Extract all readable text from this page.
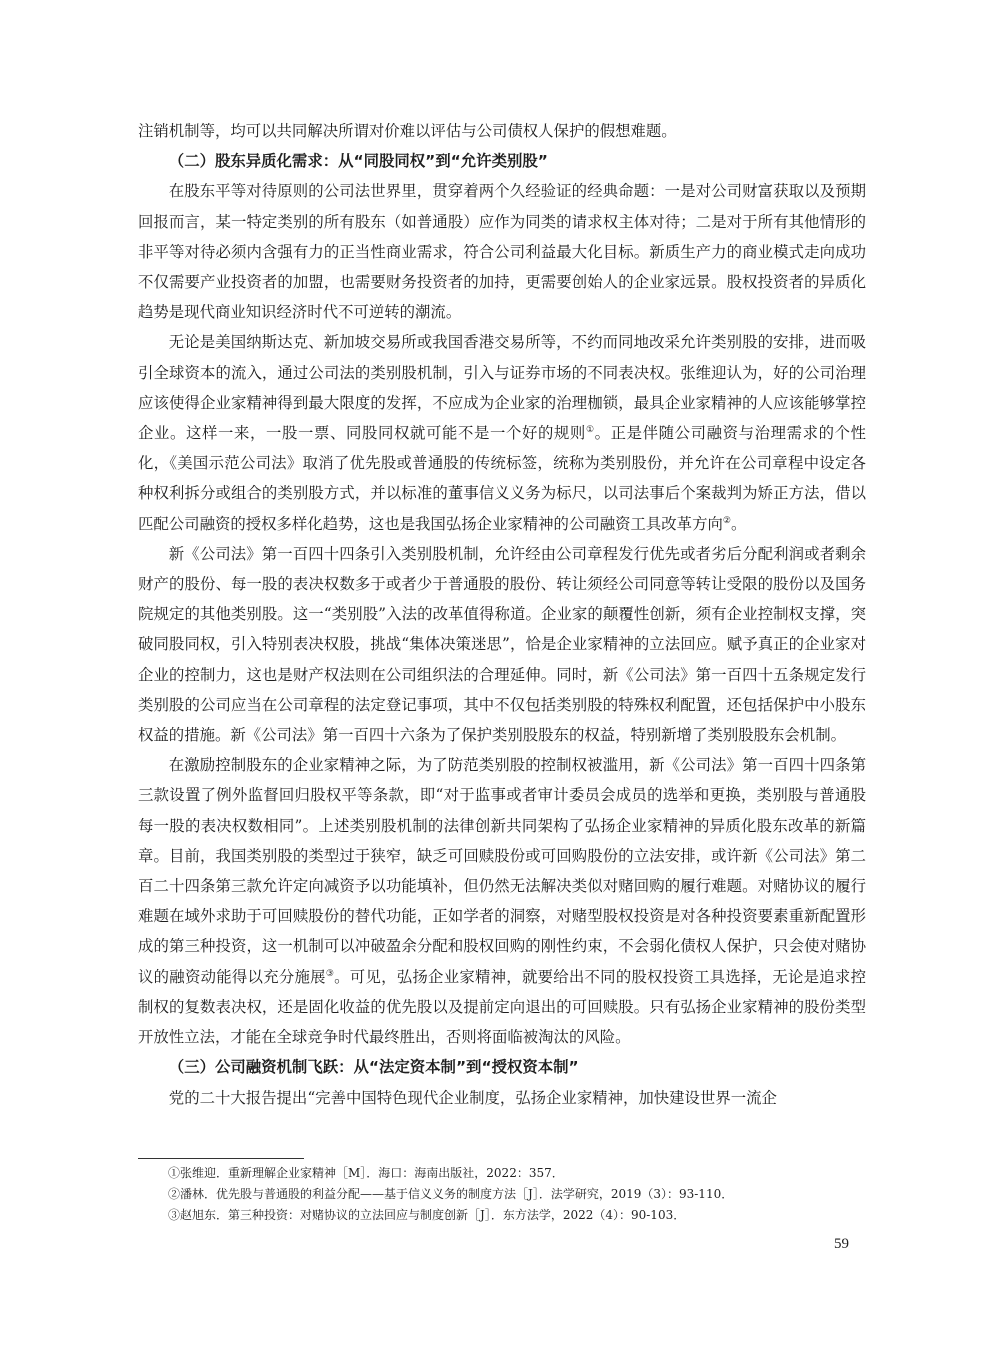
注销机制等，均可以共同解决所谓对价难以评估与公司债权人保护的假想难题。

（二）股东异质化需求：从“同股同权”到“允许类别股”

在股东平等对待原则的公司法世界里，贯穿着两个久经验证的经典命题：一是对公司财富获取以及预期回报而言，某一特定类别的所有股东（如普通股）应作为同类的请求权主体对待；二是对于所有其他情形的非平等对待必须内含强有力的正当性商业需求，符合公司利益最大化目标。新质生产力的商业模式走向成功不仅需要产业投资者的加盟，也需要财务投资者的加持，更需要创始人的企业家远景。股权投资者的异质化趋势是现代商业知识经济时代不可逆转的潮流。

无论是美国纳斯达克、新加坡交易所或我国香港交易所等，不约而同地改采允许类别股的安排，进而吸引全球资本的流入，通过公司法的类别股机制，引入与证券市场的不同表决权。张维迎认为，好的公司治理应该使得企业家精神得到最大限度的发挥，不应成为企业家的治理枷锁，最具企业家精神的人应该能够掌控企业。这样一来，一股一票、同股同权就可能不是一个好的规则①。正是伴随公司融资与治理需求的个性化，《美国示范公司法》取消了优先股或普通股的传统标签，统称为类别股份，并允许在公司章程中设定各种权利拆分或组合的类别股方式，并以标准的董事信义义务为标尺，以司法事后个案裁判为矫正方法，借以匹配公司融资的授权多样化趋势，这也是我国弘扬企业家精神的公司融资工具改革方向②。

新《公司法》第一百四十四条引入类别股机制，允许经由公司章程发行优先或者劣后分配利润或者剩余财产的股份、每一股的表决权数多于或者少于普通股的股份、转让须经公司同意等转让受限的股份以及国务院规定的其他类别股。这一“类别股”入法的改革值得称道。企业家的颠覆性创新，须有企业控制权支撑，突破同股同权，引入特别表决权股，挑战“集体决策迷思”，恰是企业家精神的立法回应。赋予真正的企业家对企业的控制力，这也是财产权法则在公司组织法的合理延伸。同时，新《公司法》第一百四十五条规定发行类别股的公司应当在公司章程的法定登记事项，其中不仅包括类别股的特殊权利配置，还包括保护中小股东权益的措施。新《公司法》第一百四十六条为了保护类别股股东的权益，特别新增了类别股股东会机制。

在激励控制股东的企业家精神之际，为了防范类别股的控制权被滥用，新《公司法》第一百四十四条第三款设置了例外监督回归股权平等条款，即“对于监事或者审计委员会成员的选举和更换，类别股与普通股每一股的表决权数相同”。上述类别股机制的法律创新共同架构了弘扬企业家精神的异质化股东改革的新篇章。目前，我国类别股的类型过于狭窄，缺乏可回赎股份或可回购股份的立法安排，或许新《公司法》第二百二十四条第三款允许定向减资予以功能填补，但仍然无法解决类似对赌回购的履行难题。对赌协议的履行难题在域外求助于可回赎股份的替代功能，正如学者的洞察，对赌型股权投资是对各种投资要素重新配置形成的第三种投资，这一机制可以冲破盈余分配和股权回购的刚性约束，不会弱化债权人保护，只会使对赌协议的融资动能得以充分施展③。可见，弘扬企业家精神，就要给出不同的股权投资工具选择，无论是追求控制权的复数表决权，还是固化收益的优先股以及提前定向退出的可回赎股。只有弘扬企业家精神的股份类型开放性立法，才能在全球竞争时代最终胜出，否则将面临被淘汰的风险。

（三）公司融资机制飞跃：从“法定资本制”到“授权资本制”

党的二十大报告提出“完善中国特色现代企业制度，弘扬企业家精神，加快建设世界一流企

①张维迎．重新理解企业家精神［M］．海口：海南出版社，2022：357．
②潘林．优先股与普通股的利益分配——基于信义义务的制度方法［J］．法学研究，2019（3）：93-110．
③赵旭东．第三种投资：对赌协议的立法回应与制度创新［J］．东方法学，2022（4）：90-103．
59
